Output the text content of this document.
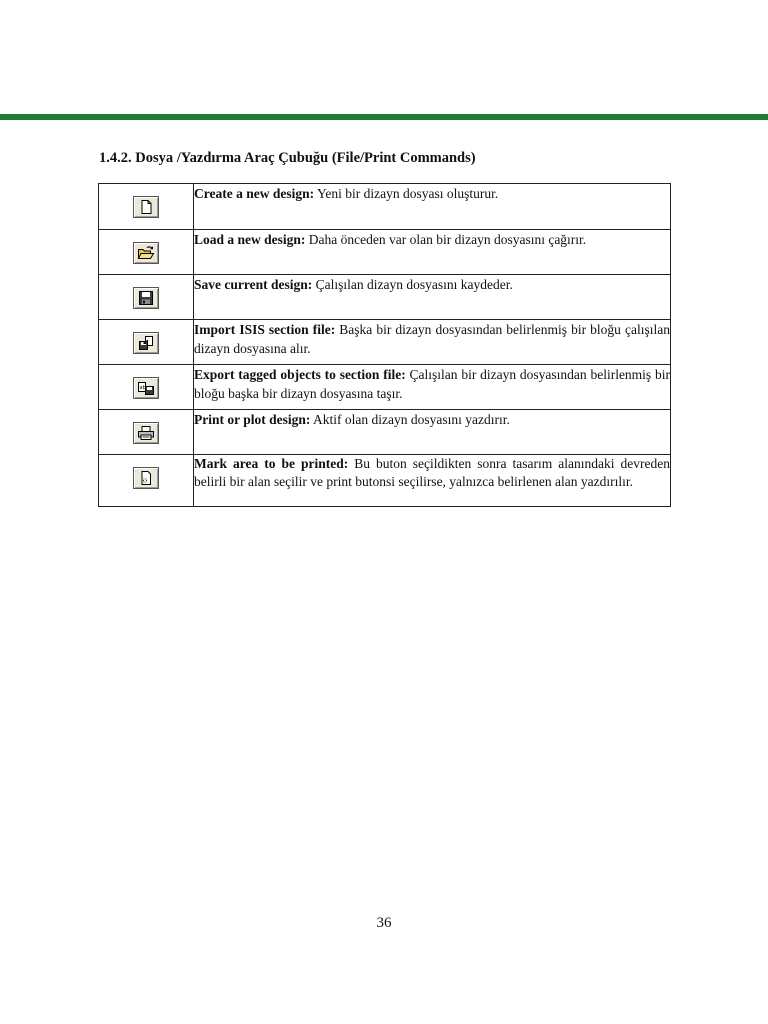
1.4.2. Dosya /Yazdırma Araç Çubuğu (File/Print Commands)
	Create a new design: Yeni bir dizayn dosyası oluşturur.

	Load a new design: Daha önceden var olan bir dizayn dosyasını çağırır.

	Save current design: Çalışılan dizayn dosyasını kaydeder.

	Import ISIS section file: Başka bir dizayn dosyasından belirlenmiş bir bloğu çalışılan dizayn dosyasına alır.

ab	Export tagged objects to section file: Çalışılan bir dizayn dosyasından belirlenmiş bir bloğu başka bir dizayn dosyasına taşır.

	Print or plot design: Aktif olan dizayn dosyasını yazdırır.

	Mark area to be printed: Bu buton seçildikten sonra tasarım alanındaki devreden belirli bir alan seçilir ve print butonsi seçilirse, yalnızca belirlenen alan yazdırılır.
36
